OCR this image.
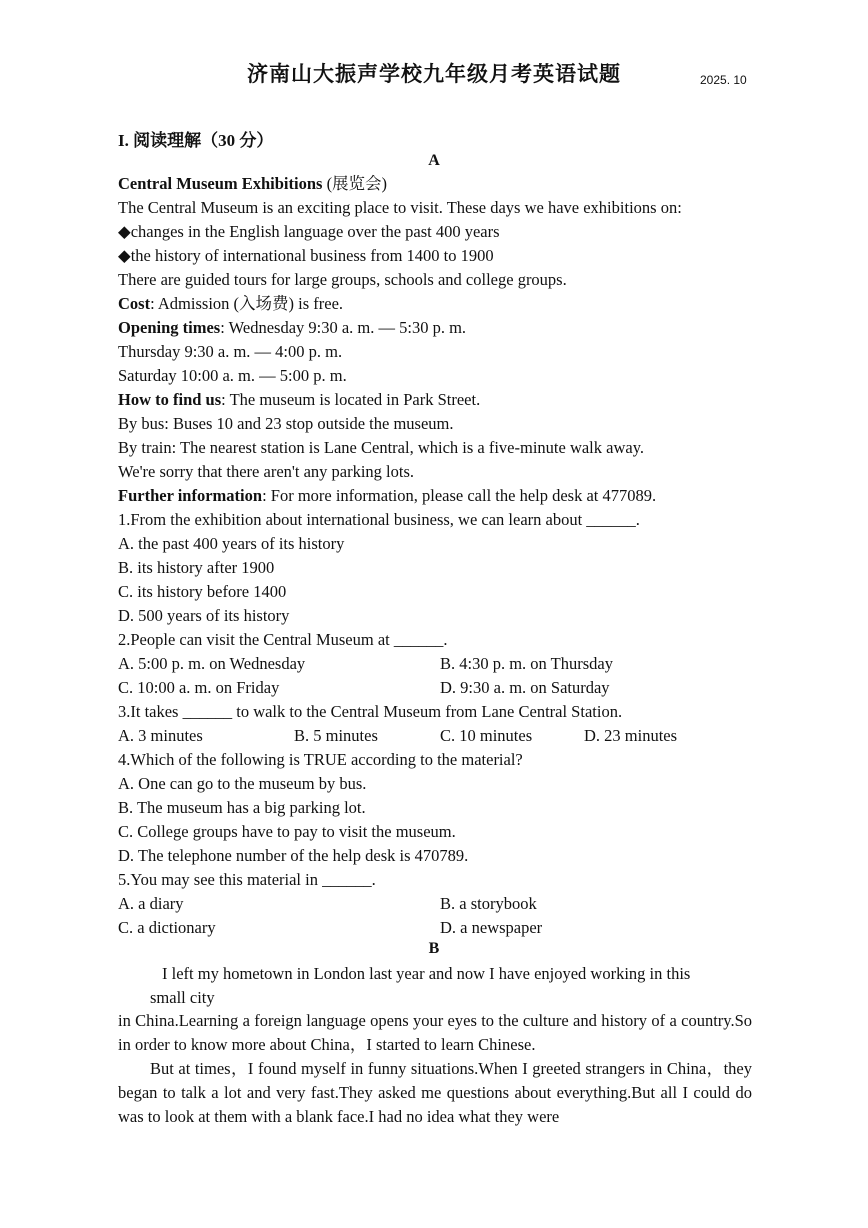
济南山大振声学校九年级月考英语试题	2025. 10
I. 阅读理解（30 分）
A
Central Museum Exhibitions (展览会)
The Central Museum is an exciting place to visit. These days we have exhibitions on:
◆changes in the English language over the past 400 years
◆the history of international business from 1400 to 1900
There are guided tours for large groups, schools and college groups.
Cost: Admission (入场费) is free.
Opening times: Wednesday 9:30 a. m. — 5:30 p. m.
Thursday 9:30 a. m. — 4:00 p. m.
Saturday 10:00 a. m. — 5:00 p. m.
How to find us: The museum is located in Park Street.
By bus: Buses 10 and 23 stop outside the museum.
By train: The nearest station is Lane Central, which is a five-minute walk away.
We're sorry that there aren't any parking lots.
Further information: For more information, please call the help desk at 477089.
1.From the exhibition about international business, we can learn about ______.
A. the past 400 years of its history
B. its history after 1900
C. its history before 1400
D. 500 years of its history
2.People can visit the Central Museum at ______.
A. 5:00 p. m. on Wednesday	B. 4:30 p. m. on Thursday
C. 10:00 a. m. on Friday	D. 9:30 a. m. on Saturday
3.It takes ______ to walk to the Central Museum from Lane Central Station.
A. 3 minutes	B. 5 minutes	C. 10 minutes	D. 23 minutes
4.Which of the following is TRUE according to the material?
A. One can go to the museum by bus.
B. The museum has a big parking lot.
C. College groups have to pay to visit the museum.
D. The telephone number of the help desk is 470789.
5.You may see this material in ______.
A. a diary	B. a storybook
C. a dictionary	D. a newspaper
B
I left my hometown in London last year and now I have enjoyed working in this
small city
in China.Learning a foreign language opens your eyes to the culture and history of a country.So in order to know more about China，I started to learn Chinese.
But at times，I found myself in funny situations.When I greeted strangers in China，they began to talk a lot and very fast.They asked me questions about everything.But all I could do was to look at them with a blank face.I had no idea what they were
